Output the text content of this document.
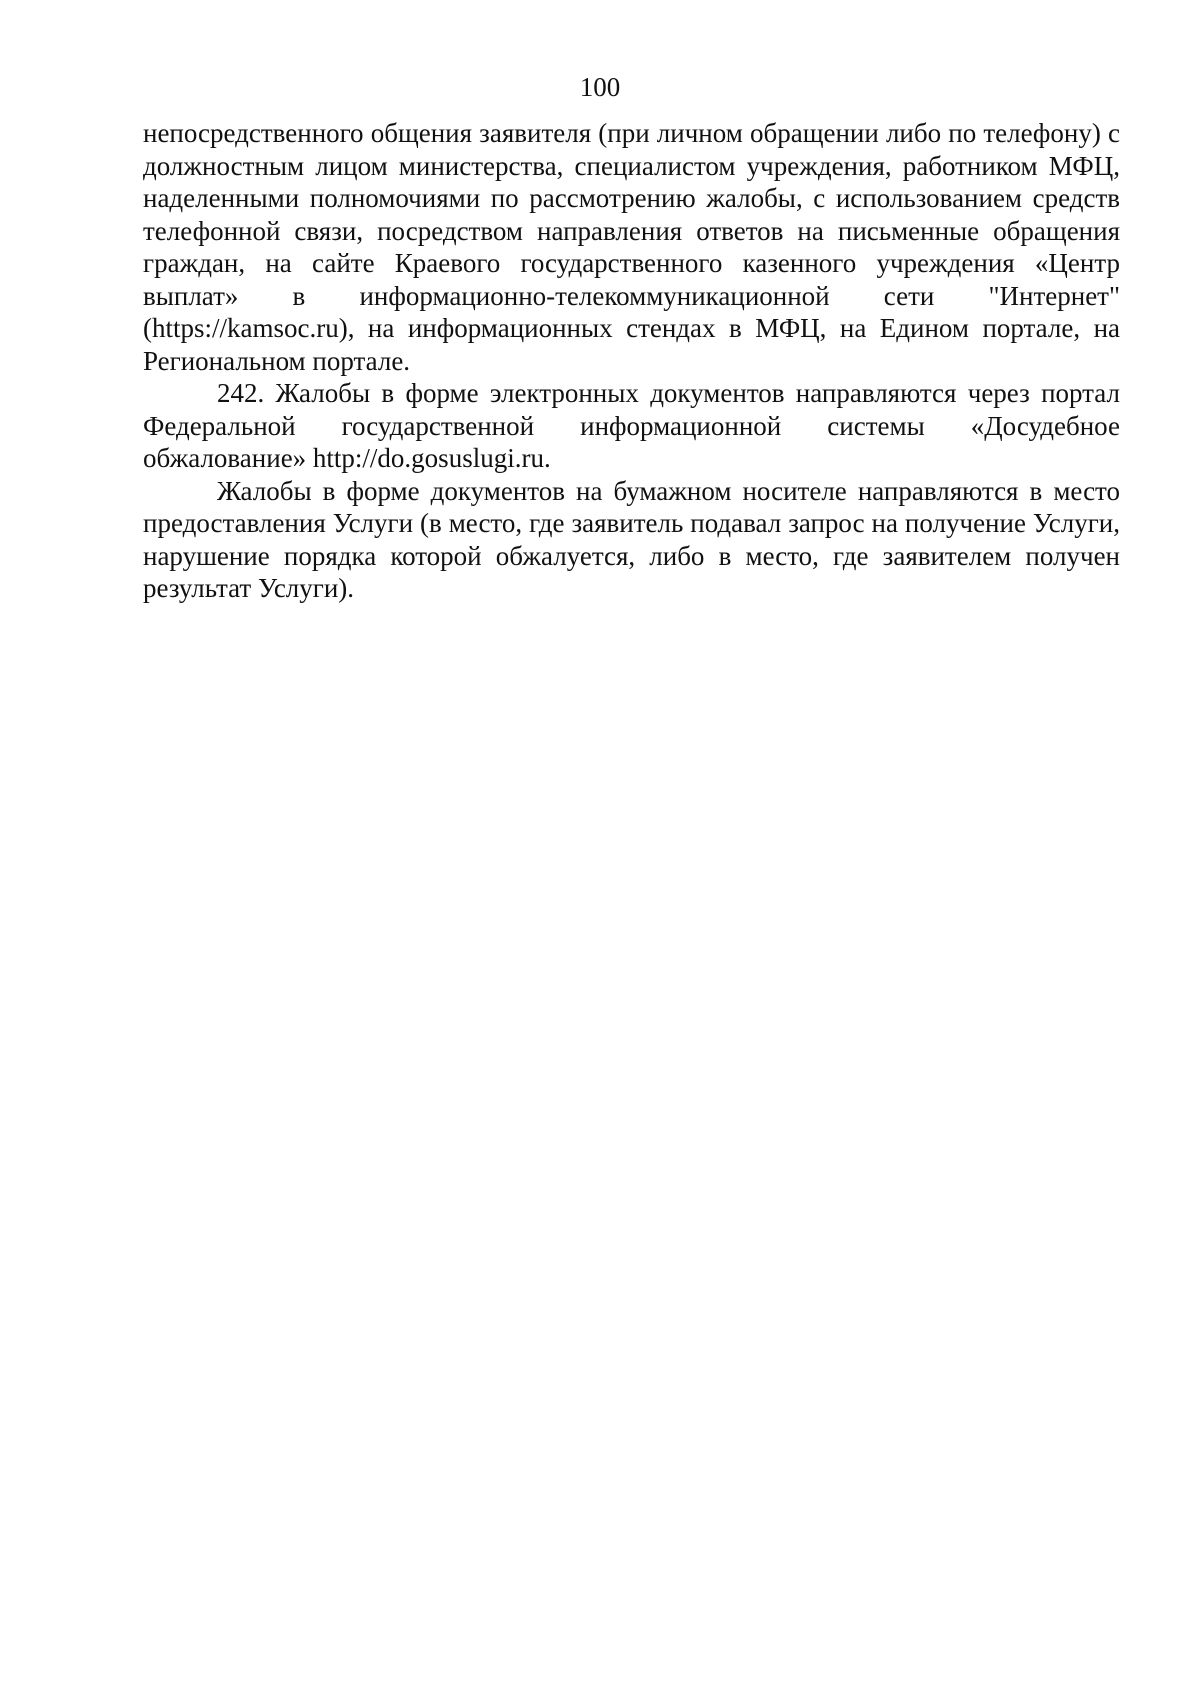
100

непосредственного общения заявителя (при личном обращении либо по телефону) с должностным лицом министерства, специалистом учреждения, работником МФЦ, наделенными полномочиями по рассмотрению жалобы, с использованием средств телефонной связи, посредством направления ответов на письменные обращения граждан, на сайте Краевого государственного казенного учреждения «Центр выплат» в информационно-телекоммуникационной сети "Интернет" (https://kamsoc.ru), на информационных стендах в МФЦ, на Едином портале, на Региональном портале.

242. Жалобы в форме электронных документов направляются через портал Федеральной государственной информационной системы «Досудебное обжалование» http://do.gosuslugi.ru.

Жалобы в форме документов на бумажном носителе направляются в место предоставления Услуги (в место, где заявитель подавал запрос на получение Услуги, нарушение порядка которой обжалуется, либо в место, где заявителем получен результат Услуги).
